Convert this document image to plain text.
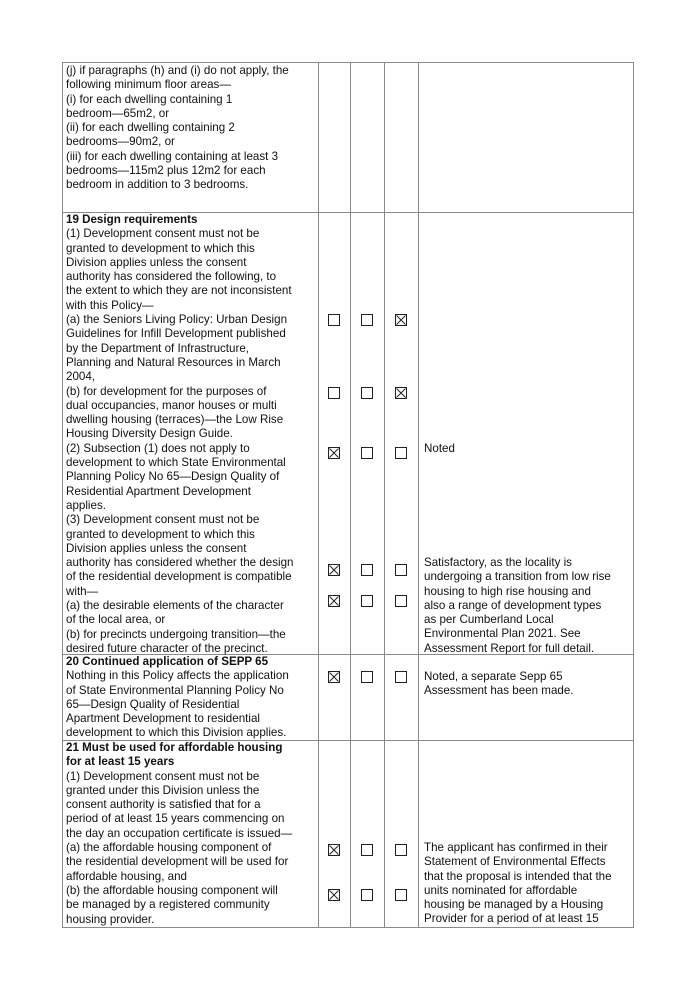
(j) if paragraphs (h) and (i) do not apply, the
following minimum floor areas—
(i) for each dwelling containing 1
bedroom—65m2, or
(ii) for each dwelling containing 2
bedrooms—90m2, or
(iii) for each dwelling containing at least 3
bedrooms—115m2 plus 12m2 for each
bedroom in addition to 3 bedrooms.
19 Design requirements
(1) Development consent must not be
granted to development to which this
Division applies unless the consent
authority has considered the following, to
the extent to which they are not inconsistent
with this Policy—
(a) the Seniors Living Policy: Urban Design
Guidelines for Infill Development published
by the Department of Infrastructure,
Planning and Natural Resources in March
2004,
(b) for development for the purposes of
dual occupancies, manor houses or multi
dwelling housing (terraces)—the Low Rise
Housing Diversity Design Guide.
(2) Subsection (1) does not apply to
development to which State Environmental
Planning Policy No 65—Design Quality of
Residential Apartment Development
applies.
(3) Development consent must not be
granted to development to which this
Division applies unless the consent
authority has considered whether the design
of the residential development is compatible
with—
(a) the desirable elements of the character
of the local area, or
(b) for precincts undergoing transition—the
desired future character of the precinct.
Noted
Satisfactory, as the locality is
undergoing a transition from low rise
housing to high rise housing and
also a range of development types
as per Cumberland Local
Environmental Plan 2021. See
Assessment Report for full detail.
20 Continued application of SEPP 65
Nothing in this Policy affects the application
of State Environmental Planning Policy No
65—Design Quality of Residential
Apartment Development to residential
development to which this Division applies.
Noted, a separate Sepp 65
Assessment has been made.
21 Must be used for affordable housing
for at least 15 years
(1) Development consent must not be
granted under this Division unless the
consent authority is satisfied that for a
period of at least 15 years commencing on
the day an occupation certificate is issued—
(a) the affordable housing component of
the residential development will be used for
affordable housing, and
(b) the affordable housing component will
be managed by a registered community
housing provider.
The applicant has confirmed in their
Statement of Environmental Effects
that the proposal is intended that the
units nominated for affordable
housing be managed by a Housing
Provider for a period of at least 15
